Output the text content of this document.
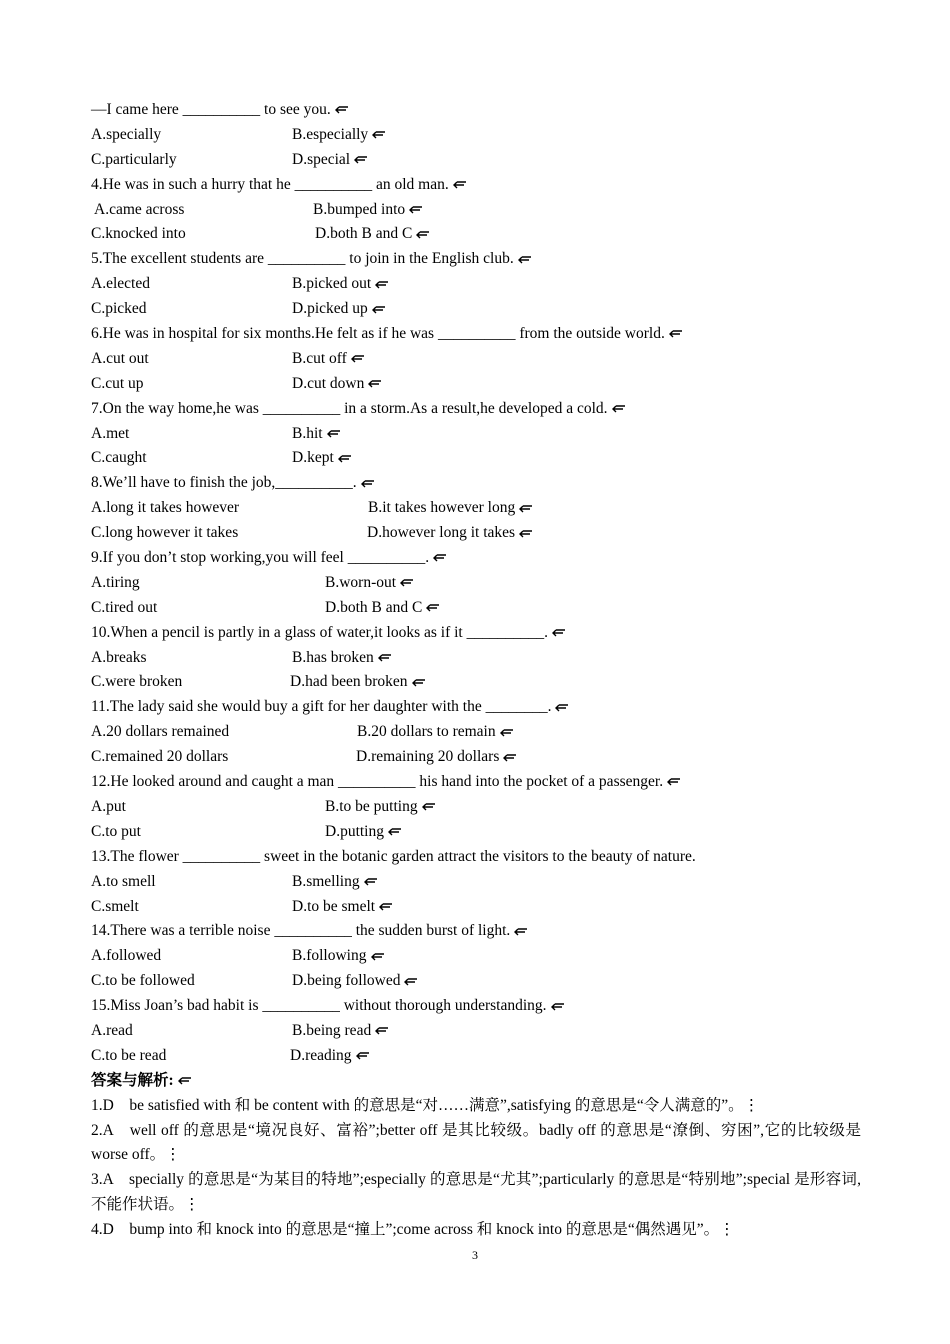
—I came here __________ to see you.
A.specially	B.especially
C.particularly	D.special
4.He was in such a hurry that he __________ an old man.
A.came across	B.bumped into
C.knocked into	D.both B and C
5.The excellent students are __________ to join in the English club.
A.elected	B.picked out
C.picked	D.picked up
6.He was in hospital for six months.He felt as if he was __________ from the outside world.
A.cut out	B.cut off
C.cut up	D.cut down
7.On the way home,he was __________ in a storm.As a result,he developed a cold.
A.met	B.hit
C.caught	D.kept
8.We’ll have to finish the job,__________.
A.long it takes however	B.it takes however long
C.long however it takes	D.however long it takes
9.If you don’t stop working,you will feel __________.
A.tiring	B.worn-out
C.tired out	D.both B and C
10.When a pencil is partly in a glass of water,it looks as if it __________.
A.breaks	B.has broken
C.were broken	D.had been broken
11.The lady said she would buy a gift for her daughter with the ________.
A.20 dollars remained	B.20 dollars to remain
C.remained 20 dollars	D.remaining 20 dollars
12.He looked around and caught a man __________ his hand into the pocket of a passenger.
A.put	B.to be putting
C.to put	D.putting
13.The flower __________ sweet in the botanic garden attract the visitors to the beauty of nature.
A.to smell	B.smelling
C.smelt	D.to be smelt
14.There was a terrible noise __________ the sudden burst of light.
A.followed	B.following
C.to be followed	D.being followed
15.Miss Joan’s bad habit is __________ without thorough understanding.
A.read	B.being read
C.to be read	D.reading
答案与解析:
1.D　be satisfied with 和 be content with 的意思是“对……满意”,satisfying 的意思是“令人满意的”。⋮
2.A　well off 的意思是“境况良好、富裕”;better off 是其比较级。badly off 的意思是“潦倒、穷困”,它的比较级是 worse off。⋮
3.A　specially 的意思是“为某目的特地”;especially 的意思是“尤其”;particularly 的意思是“特别地”;special 是形容词,不能作状语。⋮
4.D　bump into 和 knock into 的意思是“撞上”;come across 和 knock into 的意思是“偶然遇见”。⋮
3
